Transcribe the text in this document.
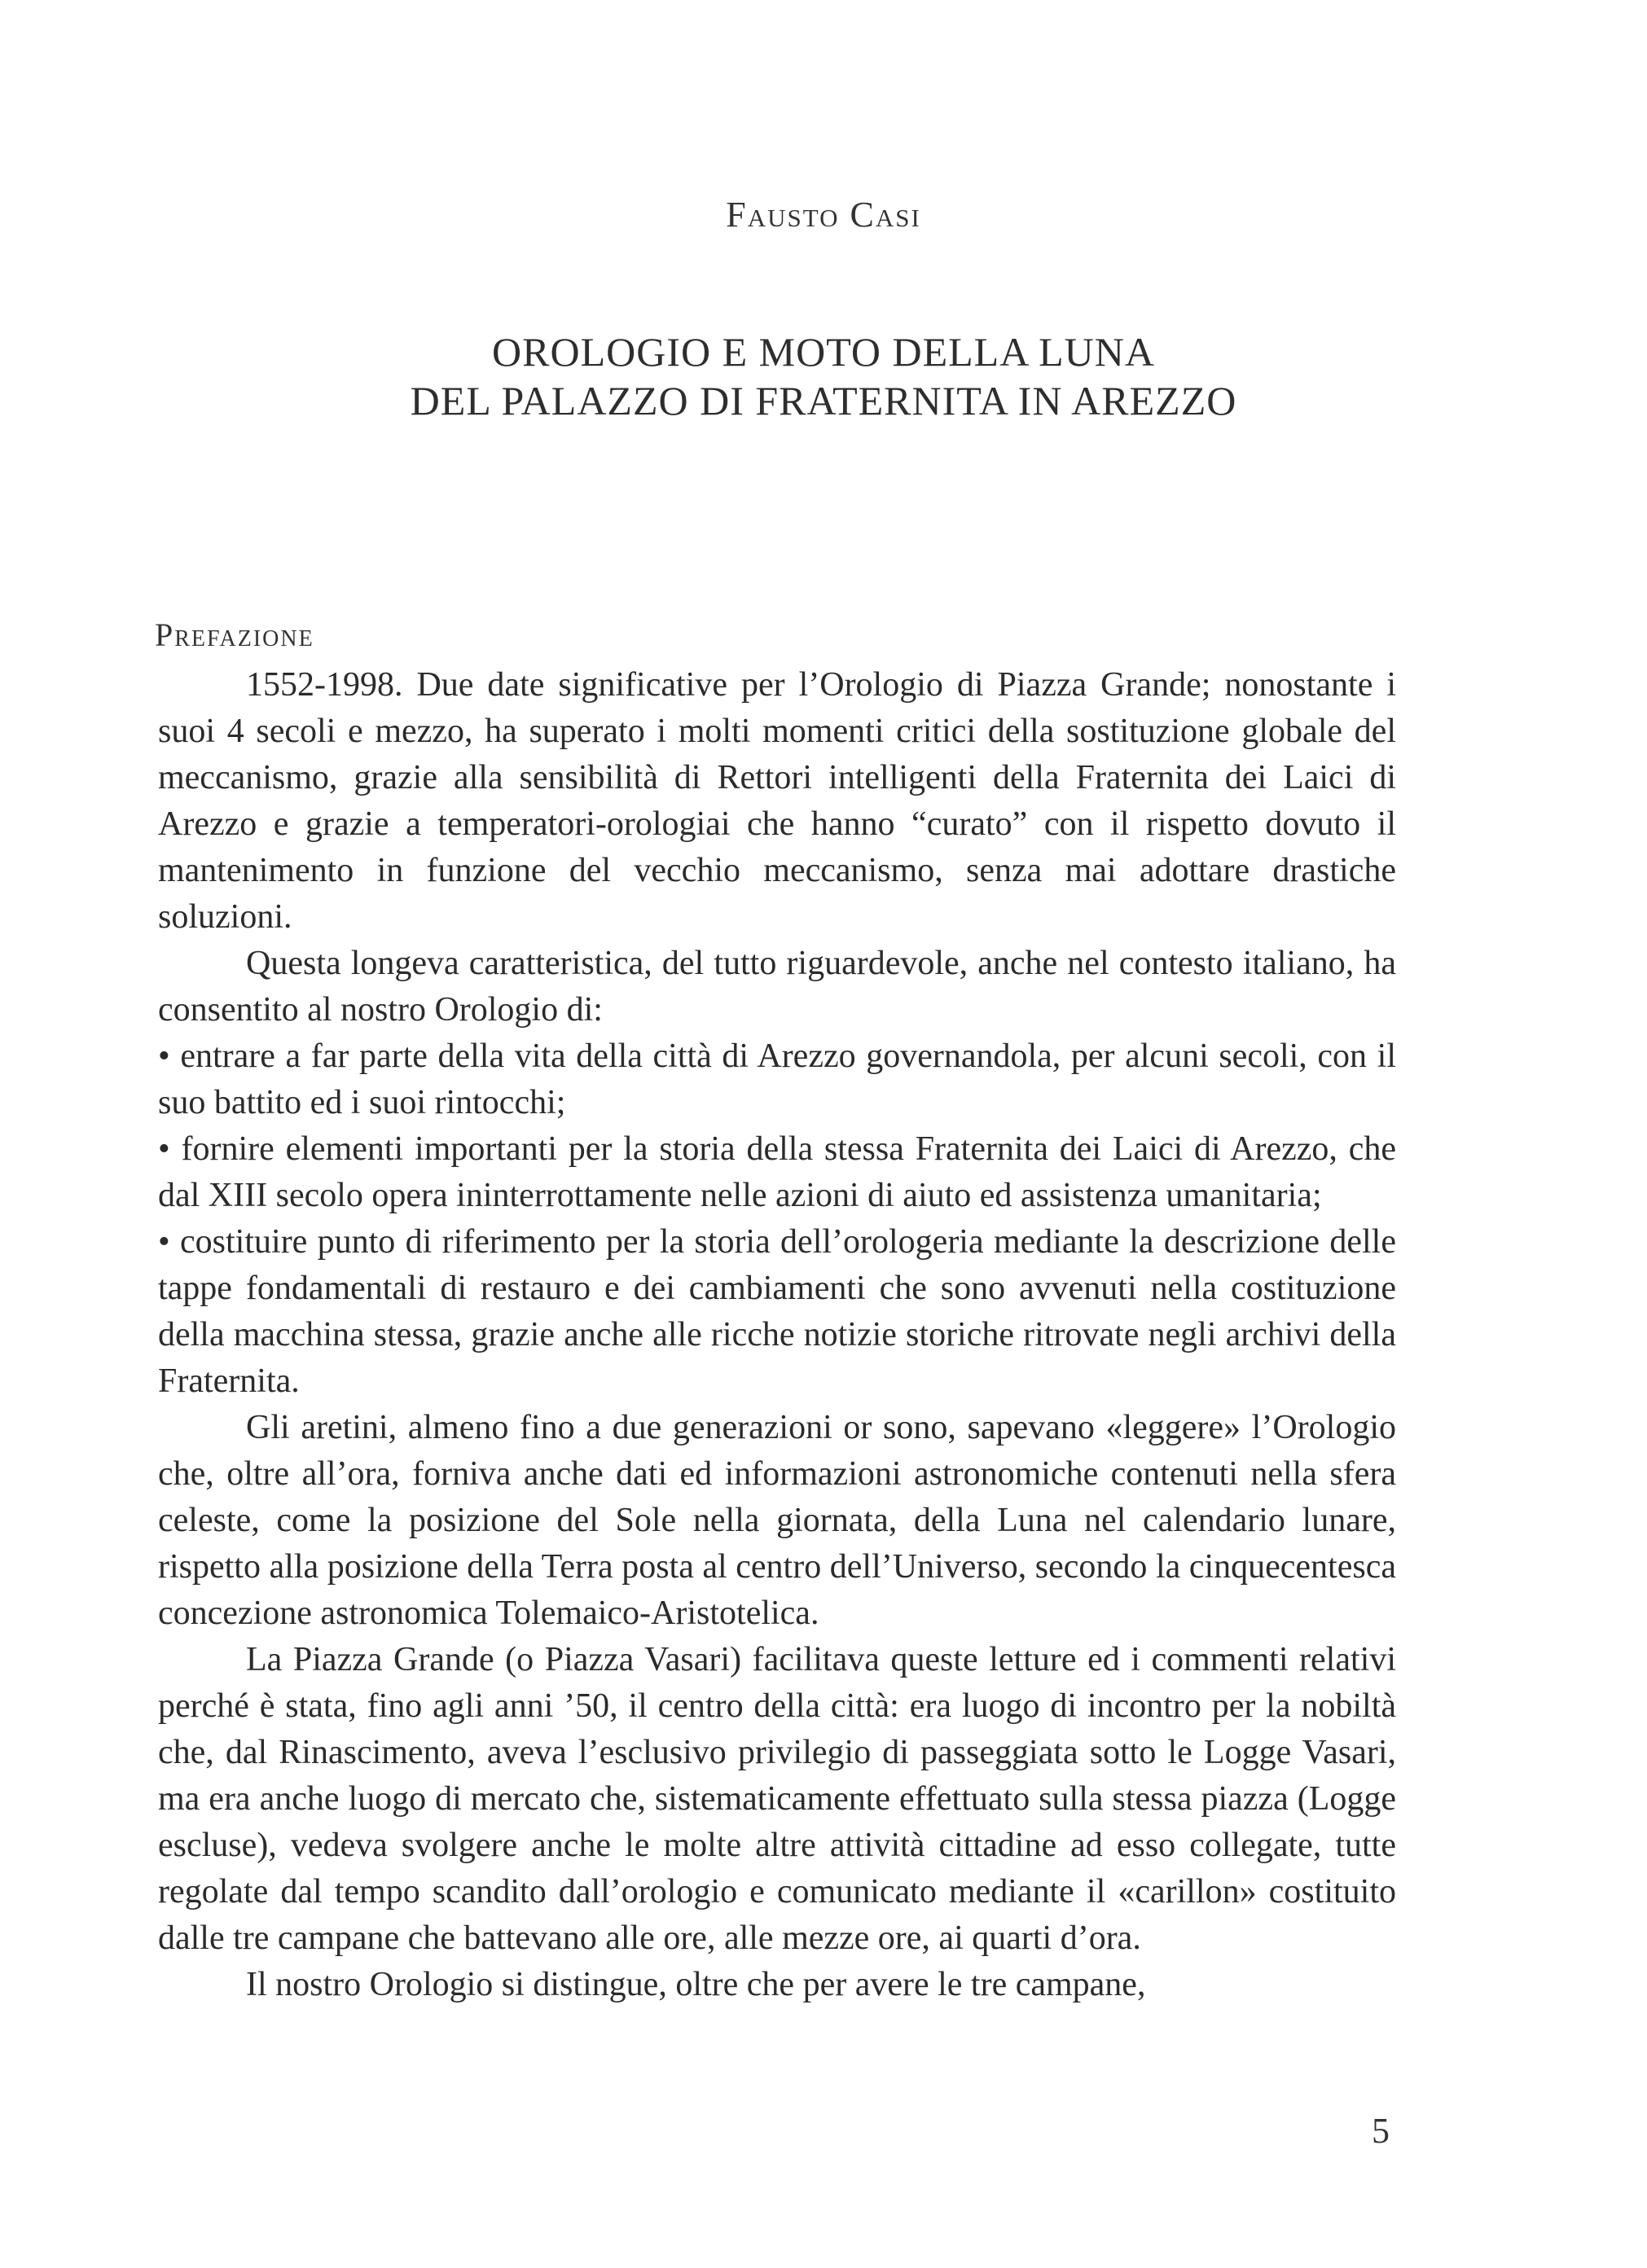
Fausto Casi
OROLOGIO E MOTO DELLA LUNA
DEL PALAZZO DI FRATERNITA IN AREZZO
Prefazione

1552-1998. Due date significative per l’Orologio di Piazza Grande; nonostante i suoi 4 secoli e mezzo, ha superato i molti momenti critici della sostituzione globale del meccanismo, grazie alla sensibilità di Rettori intelligenti della Fraternita dei Laici di Arezzo e grazie a temperatori-orologiai che hanno “curato” con il rispetto dovuto il mantenimento in funzione del vecchio meccanismo, senza mai adottare drastiche soluzioni.

Questa longeva caratteristica, del tutto riguardevole, anche nel contesto italiano, ha consentito al nostro Orologio di:

• entrare a far parte della vita della città di Arezzo governandola, per alcuni secoli, con il suo battito ed i suoi rintocchi;

• fornire elementi importanti per la storia della stessa Fraternita dei Laici di Arezzo, che dal XIII secolo opera ininterrottamente nelle azioni di aiuto ed assistenza umanitaria;

• costituire punto di riferimento per la storia dell’orologeria mediante la descrizione delle tappe fondamentali di restauro e dei cambiamenti che sono avvenuti nella costituzione della macchina stessa, grazie anche alle ricche notizie storiche ritrovate negli archivi della Fraternita.

Gli aretini, almeno fino a due generazioni or sono, sapevano «leggere» l’Orologio che, oltre all’ora, forniva anche dati ed informazioni astronomiche contenuti nella sfera celeste, come la posizione del Sole nella giornata, della Luna nel calendario lunare, rispetto alla posizione della Terra posta al centro dell’Universo, secondo la cinquecentesca concezione astronomica Tolemaico-Aristotelica.

La Piazza Grande (o Piazza Vasari) facilitava queste letture ed i commenti relativi perché è stata, fino agli anni ’50, il centro della città: era luogo di incontro per la nobiltà che, dal Rinascimento, aveva l’esclusivo privilegio di passeggiata sotto le Logge Vasari, ma era anche luogo di mercato che, sistematicamente effettuato sulla stessa piazza (Logge escluse), vedeva svolgere anche le molte altre attività cittadine ad esso collegate, tutte regolate dal tempo scandito dall’orologio e comunicato mediante il «carillon» costituito dalle tre campane che battevano alle ore, alle mezze ore, ai quarti d’ora.

Il nostro Orologio si distingue, oltre che per avere le tre campane,

5
